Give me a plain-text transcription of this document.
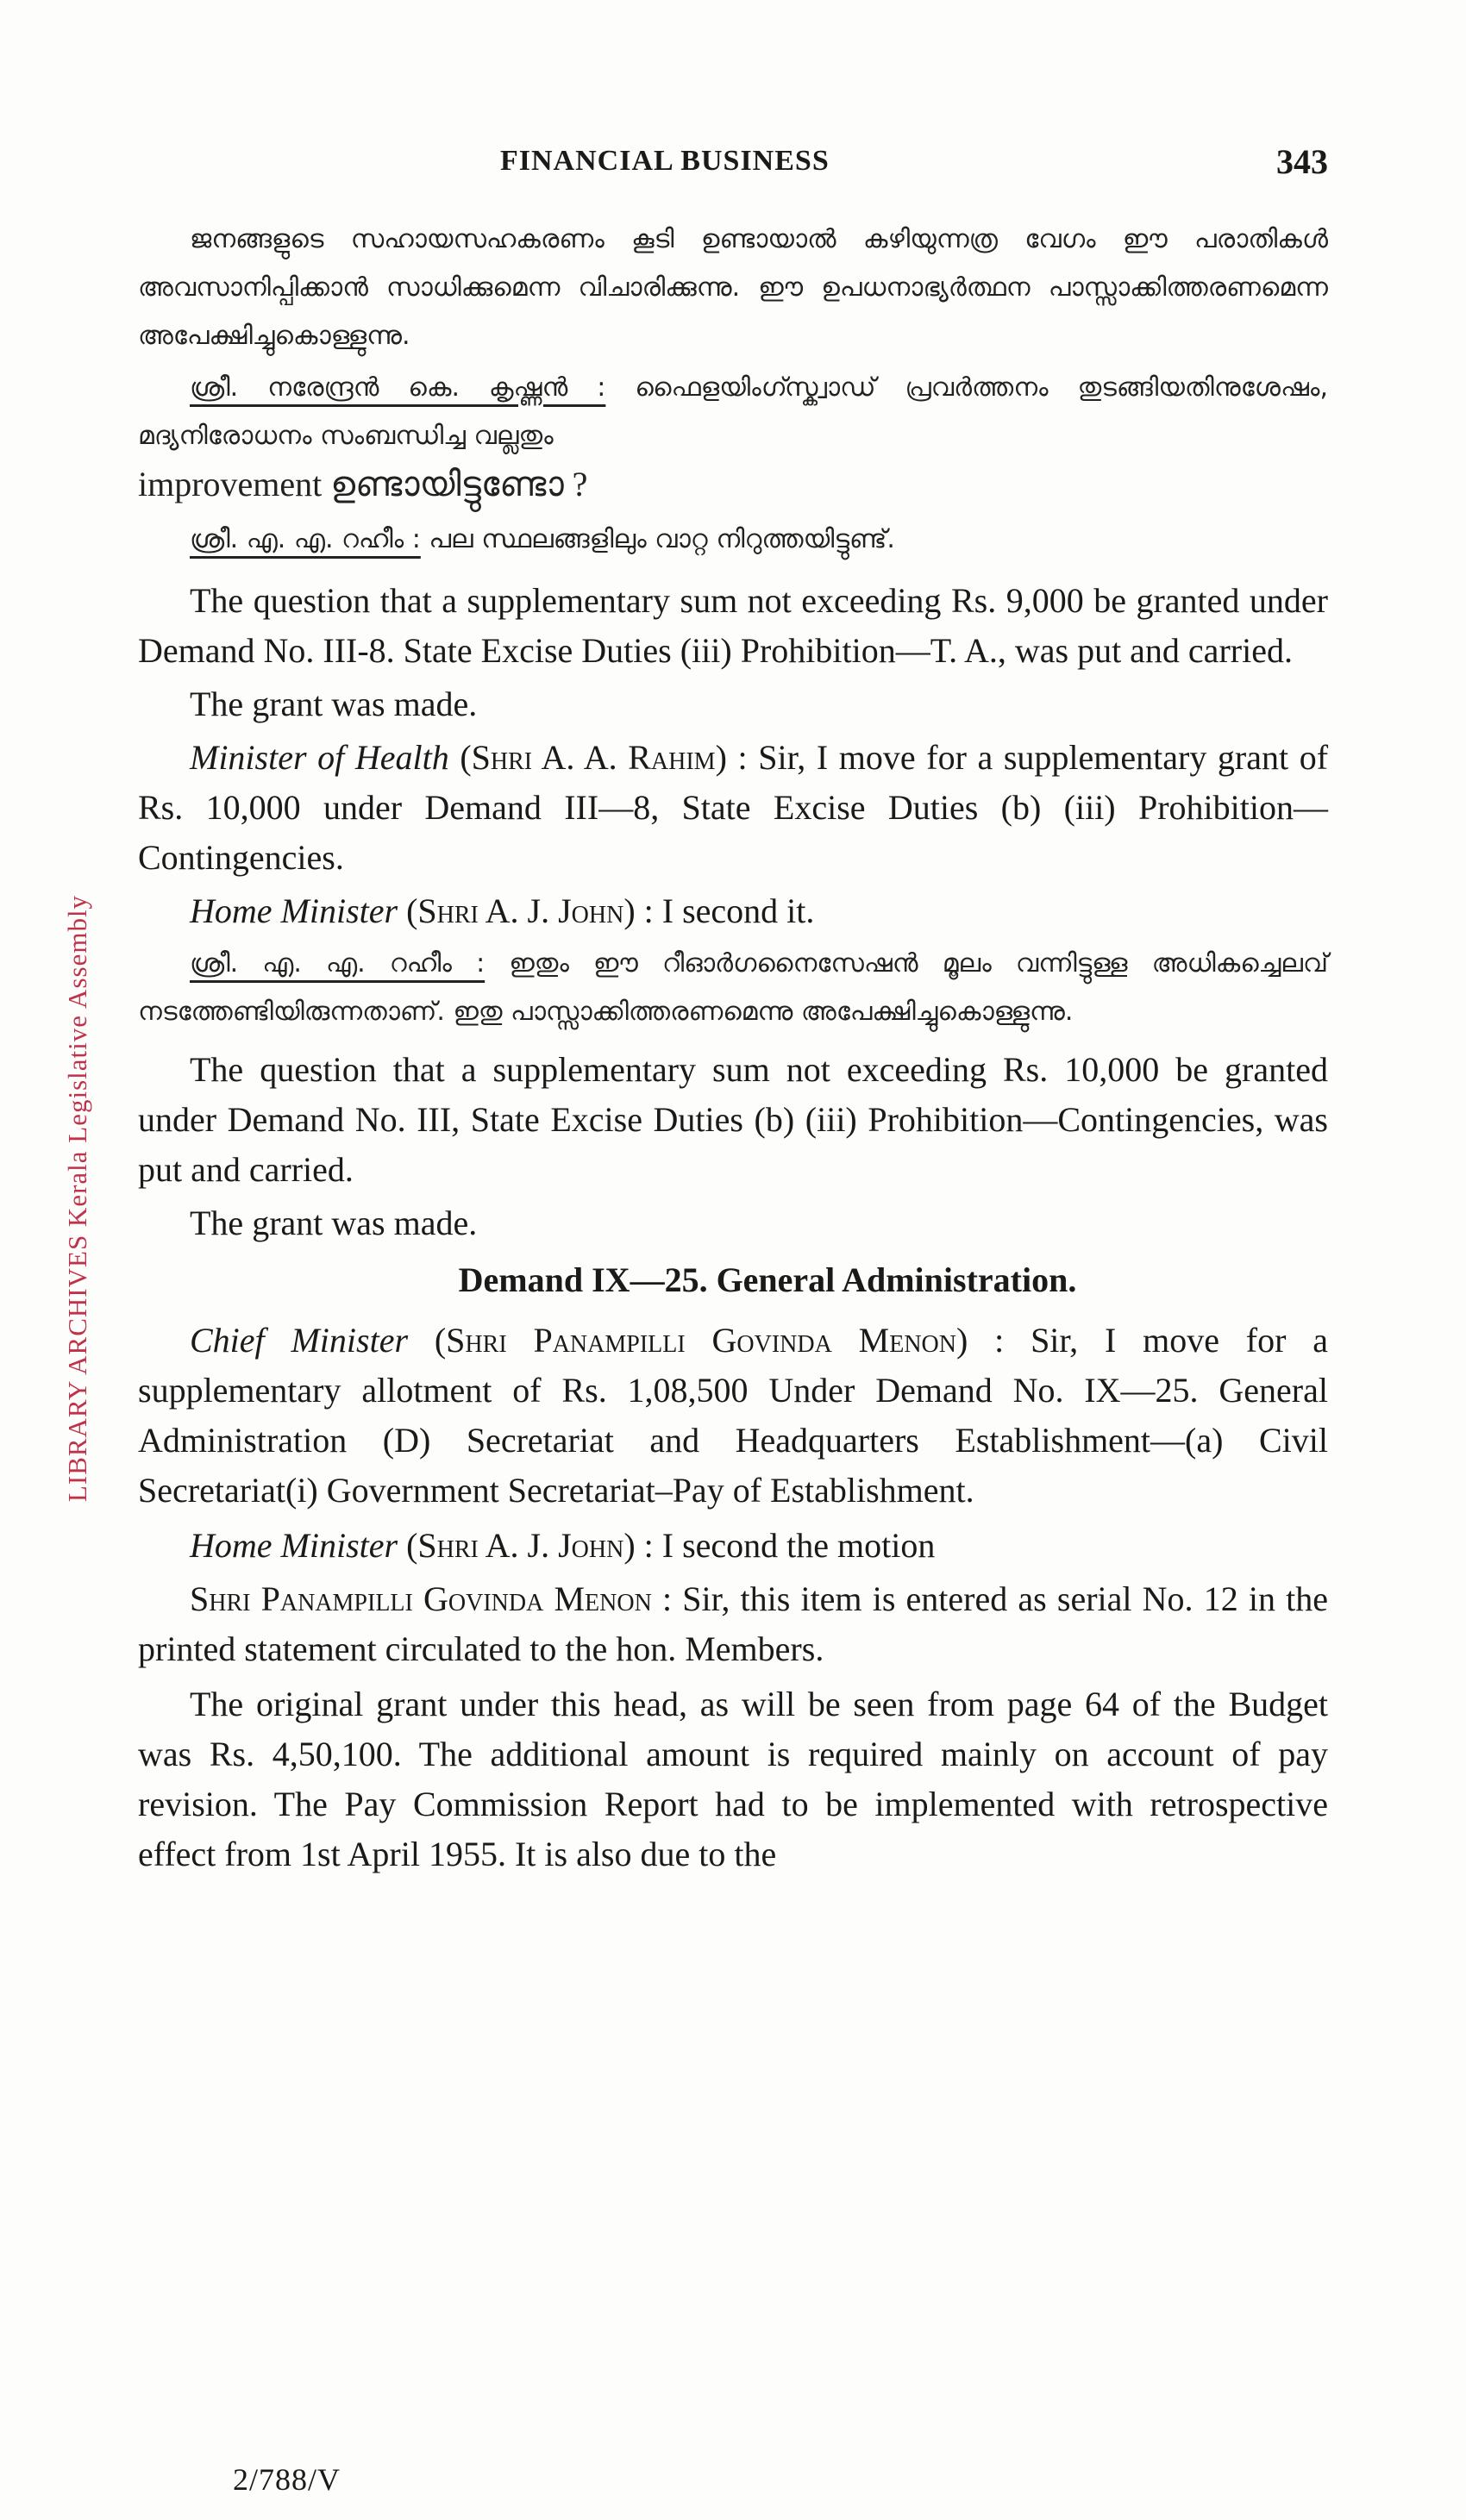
LIBRARY ARCHIVES Kerala Legislative Assembly
FINANCIAL BUSINESS	343

ജനങ്ങളുടെ സഹായസഹകരണം കൂടി ഉണ്ടായാൽ കഴിയുന്നത്ര വേഗം ഈ പരാതികൾ അവസാനിപ്പിക്കാൻ സാധിക്കുമെന്ന വിചാരിക്കുന്നു. ഈ ഉപധനാഭ്യർത്ഥന പാസ്സാക്കിത്തരണമെന്ന അപേക്ഷിച്ചുകൊള്ളുന്നു.

ശ്രീ. നരേന്ദ്രൻ കെ. കൃഷ്ണൻ : ഫൈളയിംഗ്സ്ക്വാഡ് പ്രവർത്തനം തുടങ്ങിയതിനുശേഷം, മദ്യനിരോധനം സംബന്ധിച്ച വല്ലതും
improvement ഉണ്ടായിട്ടുണ്ടോ ?

ശ്രീ. എ. എ. റഹീം : പല സ്ഥലങ്ങളിലും വാറ്റ നിറുത്തയിട്ടുണ്ട്.

The question that a supplementary sum not exceeding Rs. 9,000 be granted under Demand No. III-8. State Excise Duties (iii) Prohibition—T. A., was put and carried.

The grant was made.

Minister of Health (Shri A. A. Rahim) : Sir, I move for a supplementary grant of Rs. 10,000 under Demand III—8, State Excise Duties (b) (iii) Prohibition—Contingencies.

Home Minister (Shri A. J. John) : I second it.

ശ്രീ. എ. എ. റഹീം : ഇതും ഈ റീഓർഗനൈസേഷൻ മൂലം വന്നിട്ടുള്ള അധികച്ചെലവ് നടത്തേണ്ടിയിരുന്നതാണ്. ഇതു പാസ്സാക്കിത്തരണമെന്നു അപേക്ഷിച്ചുകൊള്ളുന്നു.

The question that a supplementary sum not exceeding Rs. 10,000 be granted under Demand No. III, State Excise Duties (b) (iii) Prohibition—Contingencies, was put and carried.

The grant was made.

Demand IX—25. General Administration.

Chief Minister (Shri Panampilli Govinda Menon) : Sir, I move for a supplementary allotment of Rs. 1,08,500 Under Demand No. IX—25. General Administration (D) Secretariat and Headquarters Establishment—(a) Civil Secretariat(i) Government Secretariat–Pay of Establishment.

Home Minister (Shri A. J. John) : I second the motion

Shri Panampilli Govinda Menon : Sir, this item is entered as serial No. 12 in the printed statement circulated to the hon. Members.

The original grant under this head, as will be seen from page 64 of the Budget was Rs. 4,50,100. The additional amount is required mainly on account of pay revision. The Pay Commission Report had to be implemented with retrospective effect from 1st April 1955. It is also due to the

2/788/V
